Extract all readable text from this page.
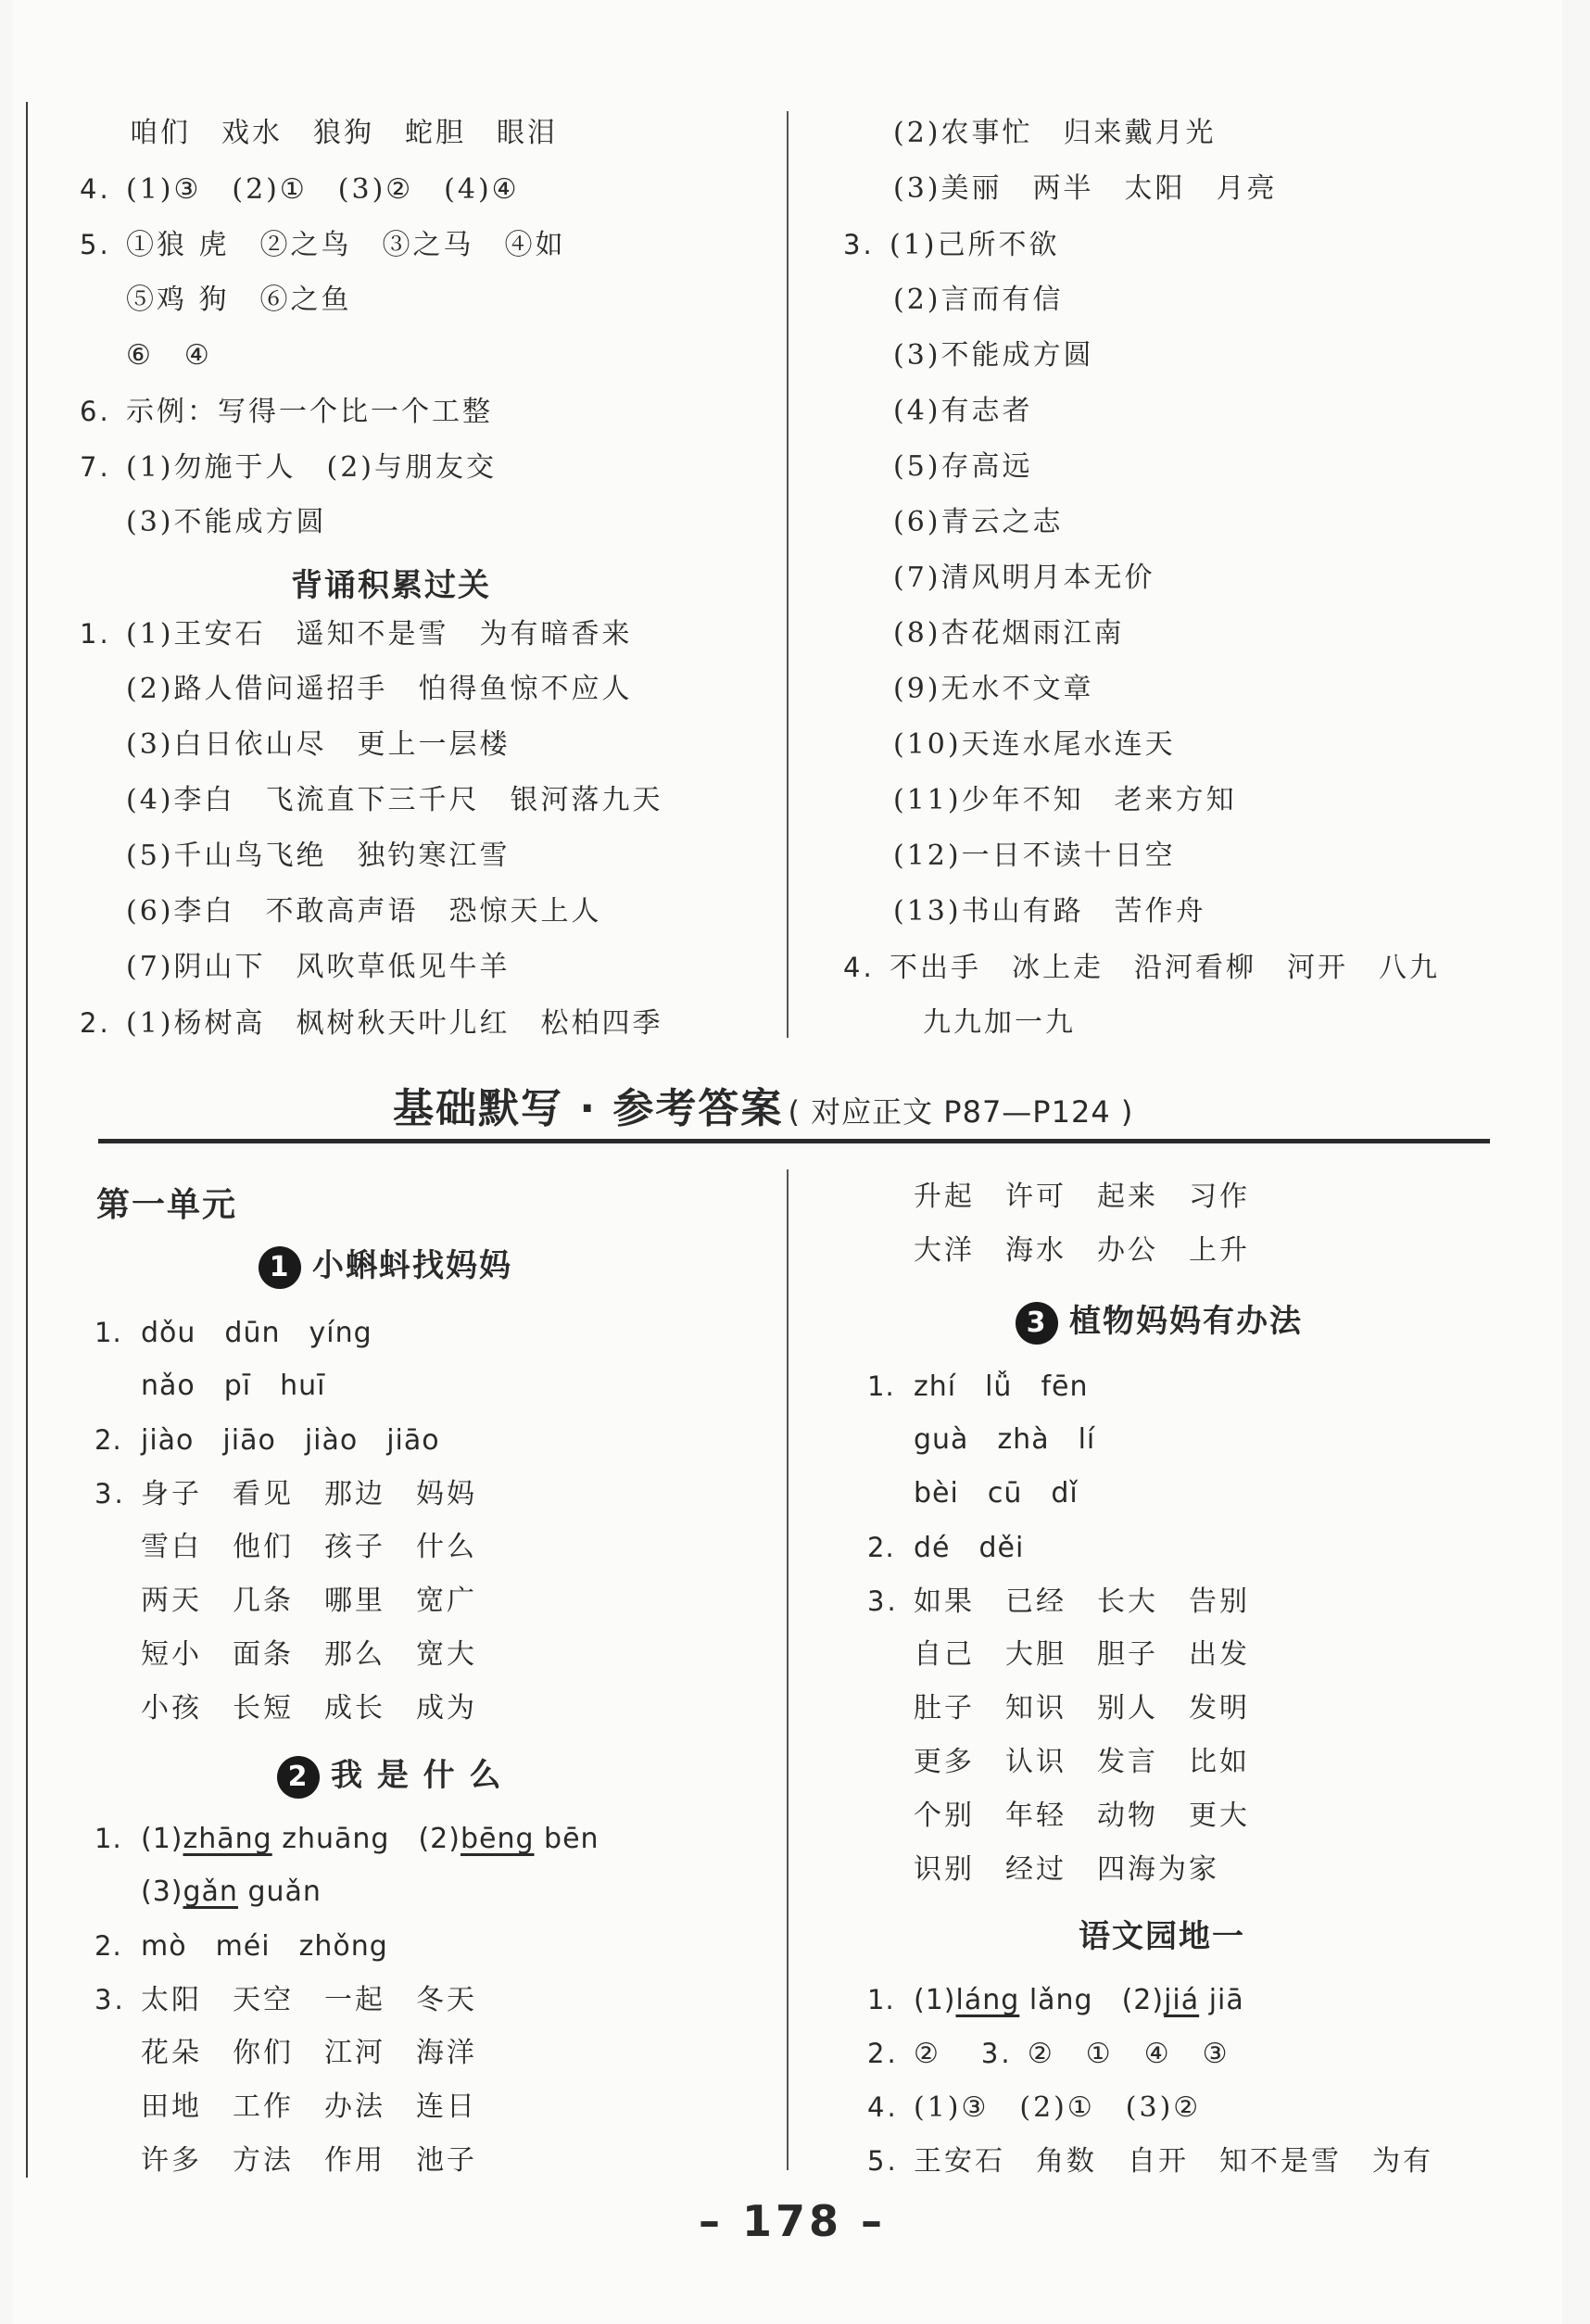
咱们　戏水　狼狗　蛇胆　眼泪
4. (1)③　(2)①　(3)②　(4)④
5. ①狼 虎　②之鸟　③之马　④如
⑤鸡 狗　⑥之鱼
⑥　④
6. 示例：写得一个比一个工整
7. (1)勿施于人　(2)与朋友交
(3)不能成方圆
背诵积累过关
1. (1)王安石　遥知不是雪　为有暗香来
(2)路人借问遥招手　怕得鱼惊不应人
(3)白日依山尽　更上一层楼
(4)李白　飞流直下三千尺　银河落九天
(5)千山鸟飞绝　独钓寒江雪
(6)李白　不敢高声语　恐惊天上人
(7)阴山下　风吹草低见牛羊
2. (1)杨树高　枫树秋天叶儿红　松柏四季
(2)农事忙　归来戴月光
(3)美丽　两半　太阳　月亮
3. (1)己所不欲
(2)言而有信
(3)不能成方圆
(4)有志者
(5)存高远
(6)青云之志
(7)清风明月本无价
(8)杏花烟雨江南
(9)无水不文章
(10)天连水尾水连天
(11)少年不知　老来方知
(12)一日不读十日空
(13)书山有路　苦作舟
4. 不出手　冰上走　沿河看柳　河开　八九
九九加一九
基础默写 · 参考答案 ( 对应正文 P87—P124 )
第一单元
1 小蝌蚪找妈妈
1. dǒu　dūn　yíng
nǎo　pī　huī
2. jiào　jiāo　jiào　jiāo
3. 身子　看见　那边　妈妈
雪白　他们　孩子　什么
两天　几条　哪里　宽广
短小　面条　那么　宽大
小孩　长短　成长　成为
2 我 是 什 么
1. (1)zhāng zhuāng　(2)bēng bēn
(3)gǎn guǎn
2. mò　méi　zhǒng
3. 太阳　天空　一起　冬天
花朵　你们　江河　海洋
田地　工作　办法　连日
许多　方法　作用　池子
升起　许可　起来　习作
大洋　海水　办公　上升
3 植物妈妈有办法
1. zhí　lǚ　fēn
guà　zhà　lí
bèi　cū　dǐ
2. dé　děi
3. 如果　已经　长大　告别
自己　大胆　胆子　出发
肚子　知识　别人　发明
更多　认识　发言　比如
个别　年轻　动物　更大
识别　经过　四海为家
语文园地一
1. (1)láng lǎng　(2)jiá jiā
2. ②　3. ②　①　④　③
4. (1)③　(2)①　(3)②
5. 王安石　角数　自开　知不是雪　为有
– 178 –
